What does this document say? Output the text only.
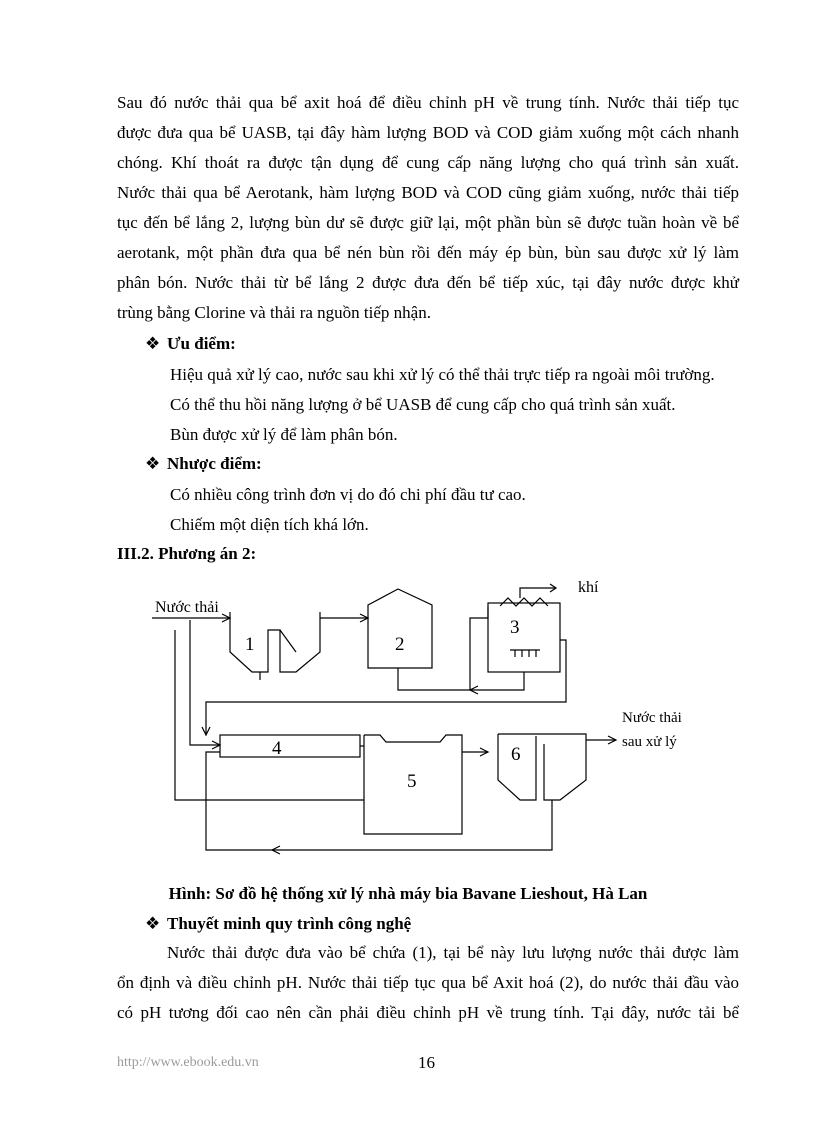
Sau đó nước thải qua bể axit hoá để điều chỉnh pH về trung tính. Nước thải tiếp tục
được đưa qua bể UASB, tại đây hàm lượng BOD và COD giảm xuống một cách nhanh
chóng. Khí thoát ra được tận dụng để cung cấp năng lượng cho quá trình sản xuất.
Nước thải qua bể Aerotank, hàm lượng BOD và COD cũng giảm xuống, nước thải tiếp
tục đến bể lắng 2, lượng bùn dư sẽ được giữ lại, một phần bùn sẽ được tuần hoàn về bể
aerotank, một phần đưa qua bể nén bùn rồi đến máy ép bùn, bùn sau được xử lý làm
phân bón. Nước thải từ bể lắng 2 được đưa đến bể tiếp xúc, tại đây nước được khử
trùng bằng Clorine và thải ra nguồn tiếp nhận.
❖ Ưu điểm:
Hiệu quả xử lý cao, nước sau khi xử lý có thể thải trực tiếp ra ngoài môi trường.
Có thể thu hồi năng lượng ở bể UASB để cung cấp cho quá trình sản xuất.
Bùn được xử lý để làm phân bón.
❖ Nhược điểm:
Có nhiều công trình đơn vị do đó chi phí đầu tư cao.
Chiếm một diện tích khá lớn.
III.2. Phương án 2:
Nước thải
1	2
3
khí
4
5
6
Nước thải
sau xử lý
Hình: Sơ đồ hệ thống xử lý nhà máy bia Bavane Lieshout, Hà Lan
❖ Thuyết minh quy trình công nghệ
Nước thải được đưa vào bể chứa (1), tại bể này lưu lượng nước thải được làm
ổn định và điều chỉnh pH. Nước thải tiếp tục qua bể Axit hoá (2), do nước thải đầu vào
có pH tương đối cao nên cần phải điều chỉnh pH về trung tính. Tại đây, nước tải bể
http://www.ebook.edu.vn	16
